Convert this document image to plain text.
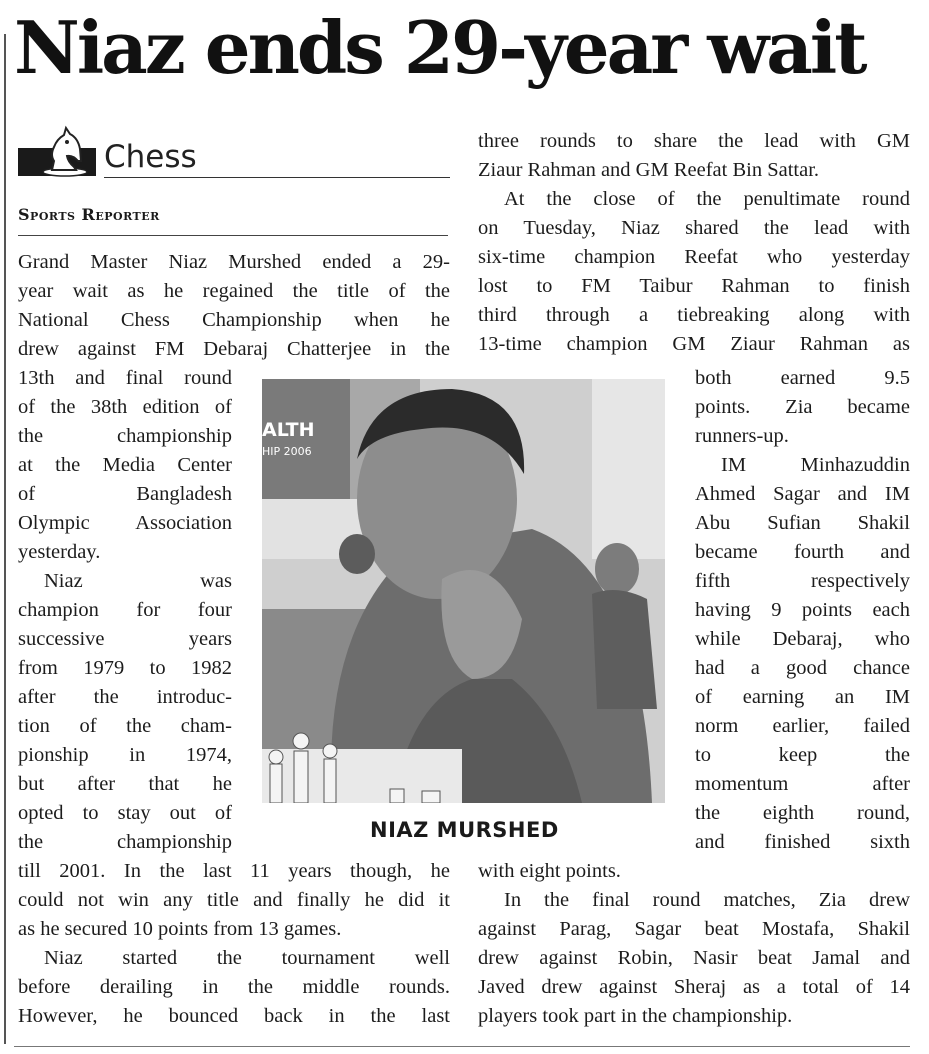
Niaz ends 29-year wait
Chess
Sports Reporter
ALTH
HIP 2006
NIAZ MURSHED
Grand Master Niaz Murshed ended a 29-
year wait as he regained the title of the
National Chess Championship when he
drew against FM Debaraj Chatterjee in the
13th and final round
of the 38th edition of
the championship
at the Media Center
of Bangladesh
Olympic Association
yesterday.
Niaz was
champion for four
successive years
from 1979 to 1982
after the introduc-
tion of the cham-
pionship in 1974,
but after that he
opted to stay out of
the championship
till 2001. In the last 11 years though, he
could not win any title and finally he did it
as he secured 10 points from 13 games.
Niaz started the tournament well
before derailing in the middle rounds.
However, he bounced back in the last
three rounds to share the lead with GM
Ziaur Rahman and GM Reefat Bin Sattar.
At the close of the penultimate round
on Tuesday, Niaz shared the lead with
six-time champion Reefat who yesterday
lost to FM Taibur Rahman to finish
third through a tiebreaking along with
13-time champion GM Ziaur Rahman as
both earned 9.5
points. Zia became
runners-up.
IM Minhazuddin
Ahmed Sagar and IM
Abu Sufian Shakil
became fourth and
fifth respectively
having 9 points each
while Debaraj, who
had a good chance
of earning an IM
norm earlier, failed
to keep the
momentum after
the eighth round,
and finished sixth
with eight points.
In the final round matches, Zia drew
against Parag, Sagar beat Mostafa, Shakil
drew against Robin, Nasir beat Jamal and
Javed drew against Sheraj as a total of 14
players took part in the championship.
